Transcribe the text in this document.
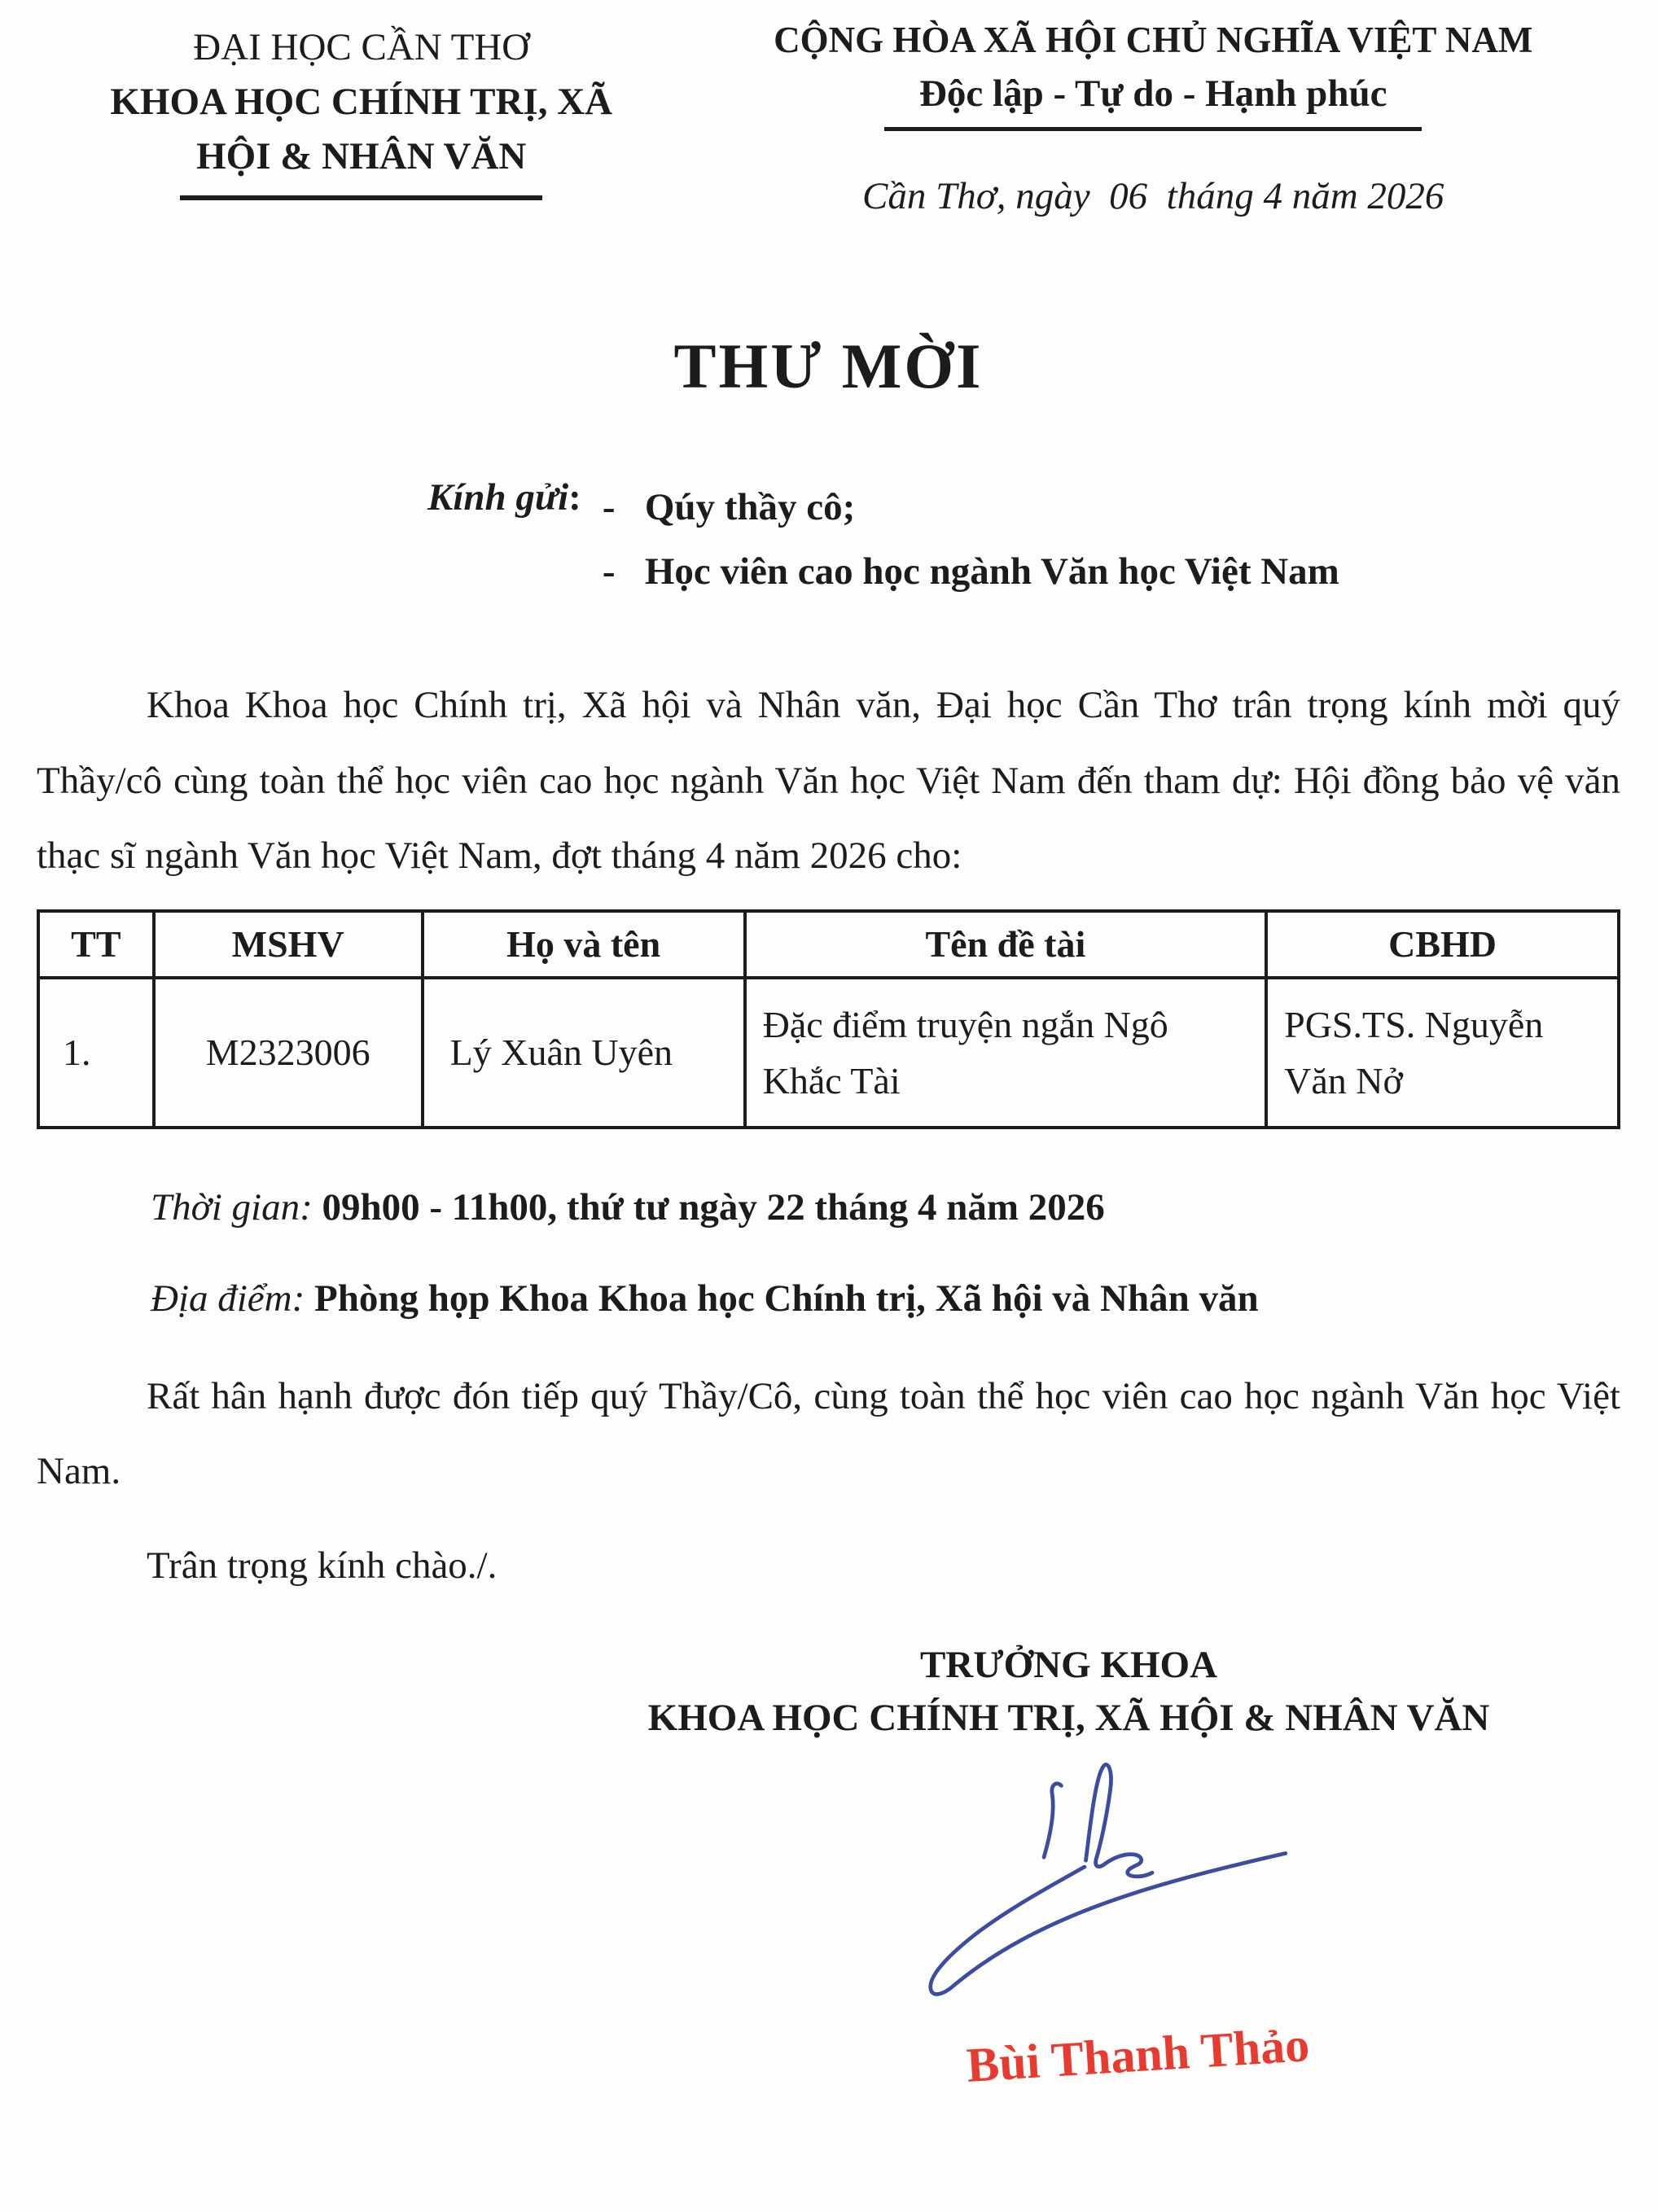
ĐẠI HỌC CẦN THƠ
KHOA HỌC CHÍNH TRỊ, XÃ
HỘI & NHÂN VĂN
CỘNG HÒA XÃ HỘI CHỦ NGHĨA VIỆT NAM
Độc lập - Tự do - Hạnh phúc
Cần Thơ, ngày  06  tháng 4 năm 2026
THƯ MỜI
Kính gửi : - Qúy thầy cô;
- Học viên cao học ngành Văn học Việt Nam

Khoa Khoa học Chính trị, Xã hội và Nhân văn, Đại học Cần Thơ trân trọng kính mời quý Thầy/cô cùng toàn thể học viên cao học ngành Văn học Việt Nam đến tham dự: Hội đồng bảo vệ văn thạc sĩ ngành Văn học Việt Nam, đợt tháng 4 năm 2026 cho:

TT	MSHV	Họ và tên	Tên đề tài	CBHD
1.	M2323006	Lý Xuân Uyên	Đặc điểm truyện ngắn Ngô Khắc Tài	PGS.TS. Nguyễn Văn Nở
Thời gian: 09h00 - 11h00, thứ tư ngày 22 tháng 4 năm 2026
Địa điểm: Phòng họp Khoa Khoa học Chính trị, Xã hội và Nhân văn

Rất hân hạnh được đón tiếp quý Thầy/Cô, cùng toàn thể học viên cao học ngành Văn học Việt Nam.

Trân trọng kính chào./.

TRƯỞNG KHOA
KHOA HỌC CHÍNH TRỊ, XÃ HỘI & NHÂN VĂN
Bùi Thanh Thảo
